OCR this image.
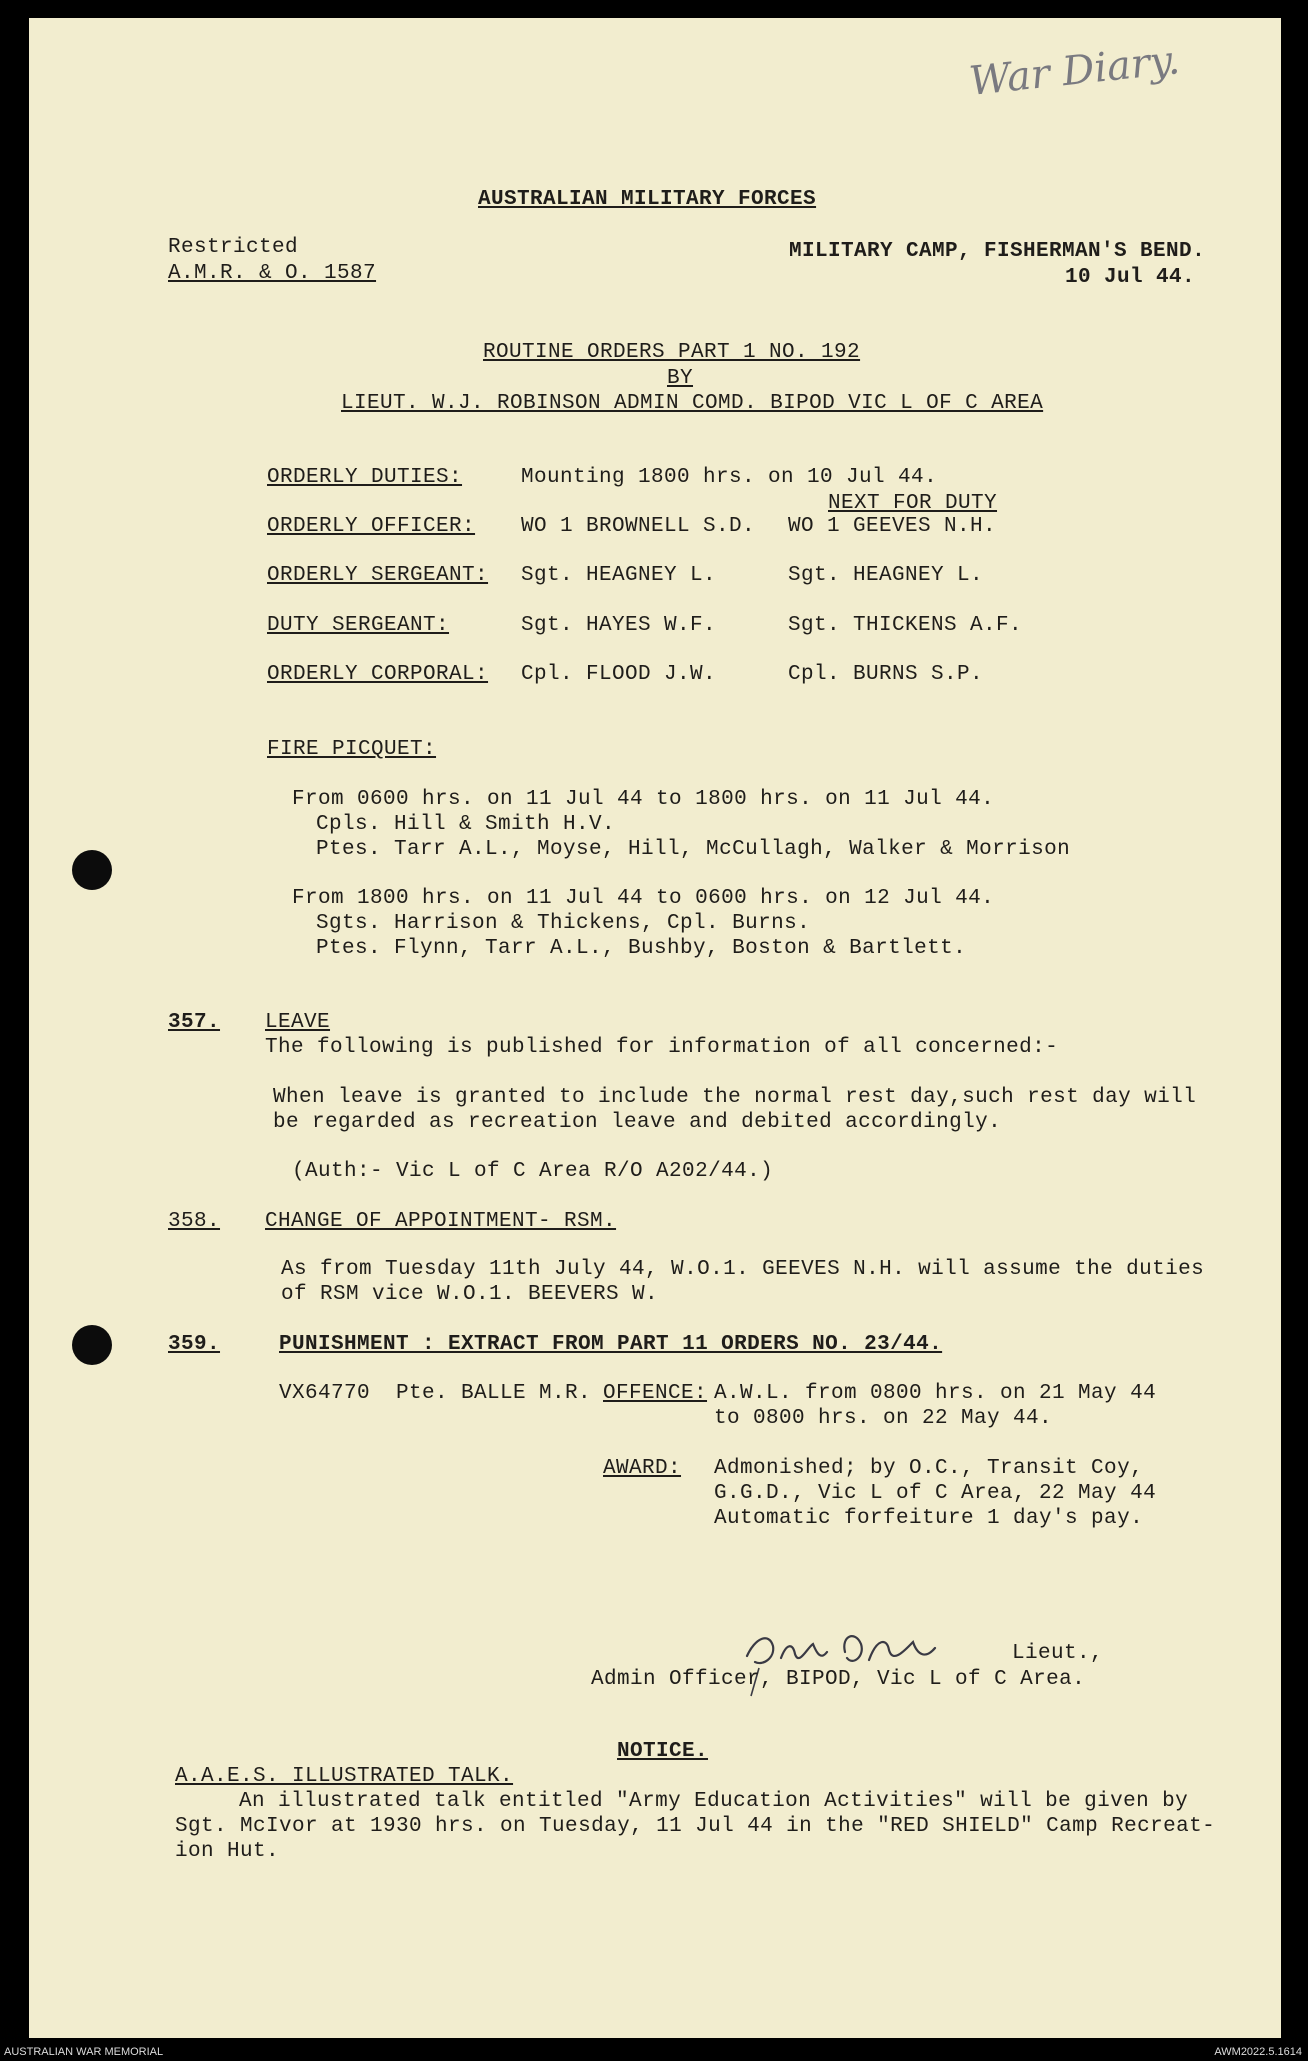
War Diary.
AUSTRALIAN MILITARY FORCES
Restricted
A.M.R. & O. 1587
MILITARY CAMP, FISHERMAN'S BEND.
10 Jul 44.
ROUTINE ORDERS PART 1 NO. 192
BY
LIEUT. W.J. ROBINSON ADMIN COMD. BIPOD VIC L OF C AREA
ORDERLY DUTIES:	Mounting 1800 hrs. on 10 Jul 44.
NEXT FOR DUTY
ORDERLY OFFICER: WO 1 BROWNELL S.D. WO 1 GEEVES N.H.
ORDERLY SERGEANT: Sgt. HEAGNEY L.	Sgt. HEAGNEY L.
DUTY SERGEANT:	Sgt. HAYES W.F.	Sgt. THICKENS A.F.
ORDERLY CORPORAL: Cpl. FLOOD J.W.	Cpl. BURNS S.P.
FIRE PICQUET:
From 0600 hrs. on 11 Jul 44 to 1800 hrs. on 11 Jul 44.
Cpls. Hill & Smith H.V.
Ptes. Tarr A.L., Moyse, Hill, McCullagh, Walker & Morrison
From 1800 hrs. on 11 Jul 44 to 0600 hrs. on 12 Jul 44.
Sgts. Harrison & Thickens, Cpl. Burns.
Ptes. Flynn, Tarr A.L., Bushby, Boston & Bartlett.
357. LEAVE
The following is published for information of all concerned:-
When leave is granted to include the normal rest day,such rest day will
be regarded as recreation leave and debited accordingly.
(Auth:- Vic L of C Area R/O A202/44.)
358. CHANGE OF APPOINTMENT- RSM.
As from Tuesday 11th July 44, W.O.1. GEEVES N.H. will assume the duties
of RSM vice W.O.1. BEEVERS W.
359.	PUNISHMENT : EXTRACT FROM PART 11 ORDERS NO. 23/44.
VX64770  Pte. BALLE M.R. OFFENCE: A.W.L. from 0800 hrs. on 21 May 44
to 0800 hrs. on 22 May 44.
AWARD: Admonished; by O.C., Transit Coy,
G.G.D., Vic L of C Area, 22 May 44
Automatic forfeiture 1 day's pay.
Lieut.,
Admin Officer, BIPOD, Vic L of C Area.
NOTICE.
A.A.E.S. ILLUSTRATED TALK.
An illustrated talk entitled "Army Education Activities" will be given by
Sgt. McIvor at 1930 hrs. on Tuesday, 11 Jul 44 in the "RED SHIELD" Camp Recreat-
ion Hut.
AUSTRALIAN WAR MEMORIAL	AWM2022.5.1614
